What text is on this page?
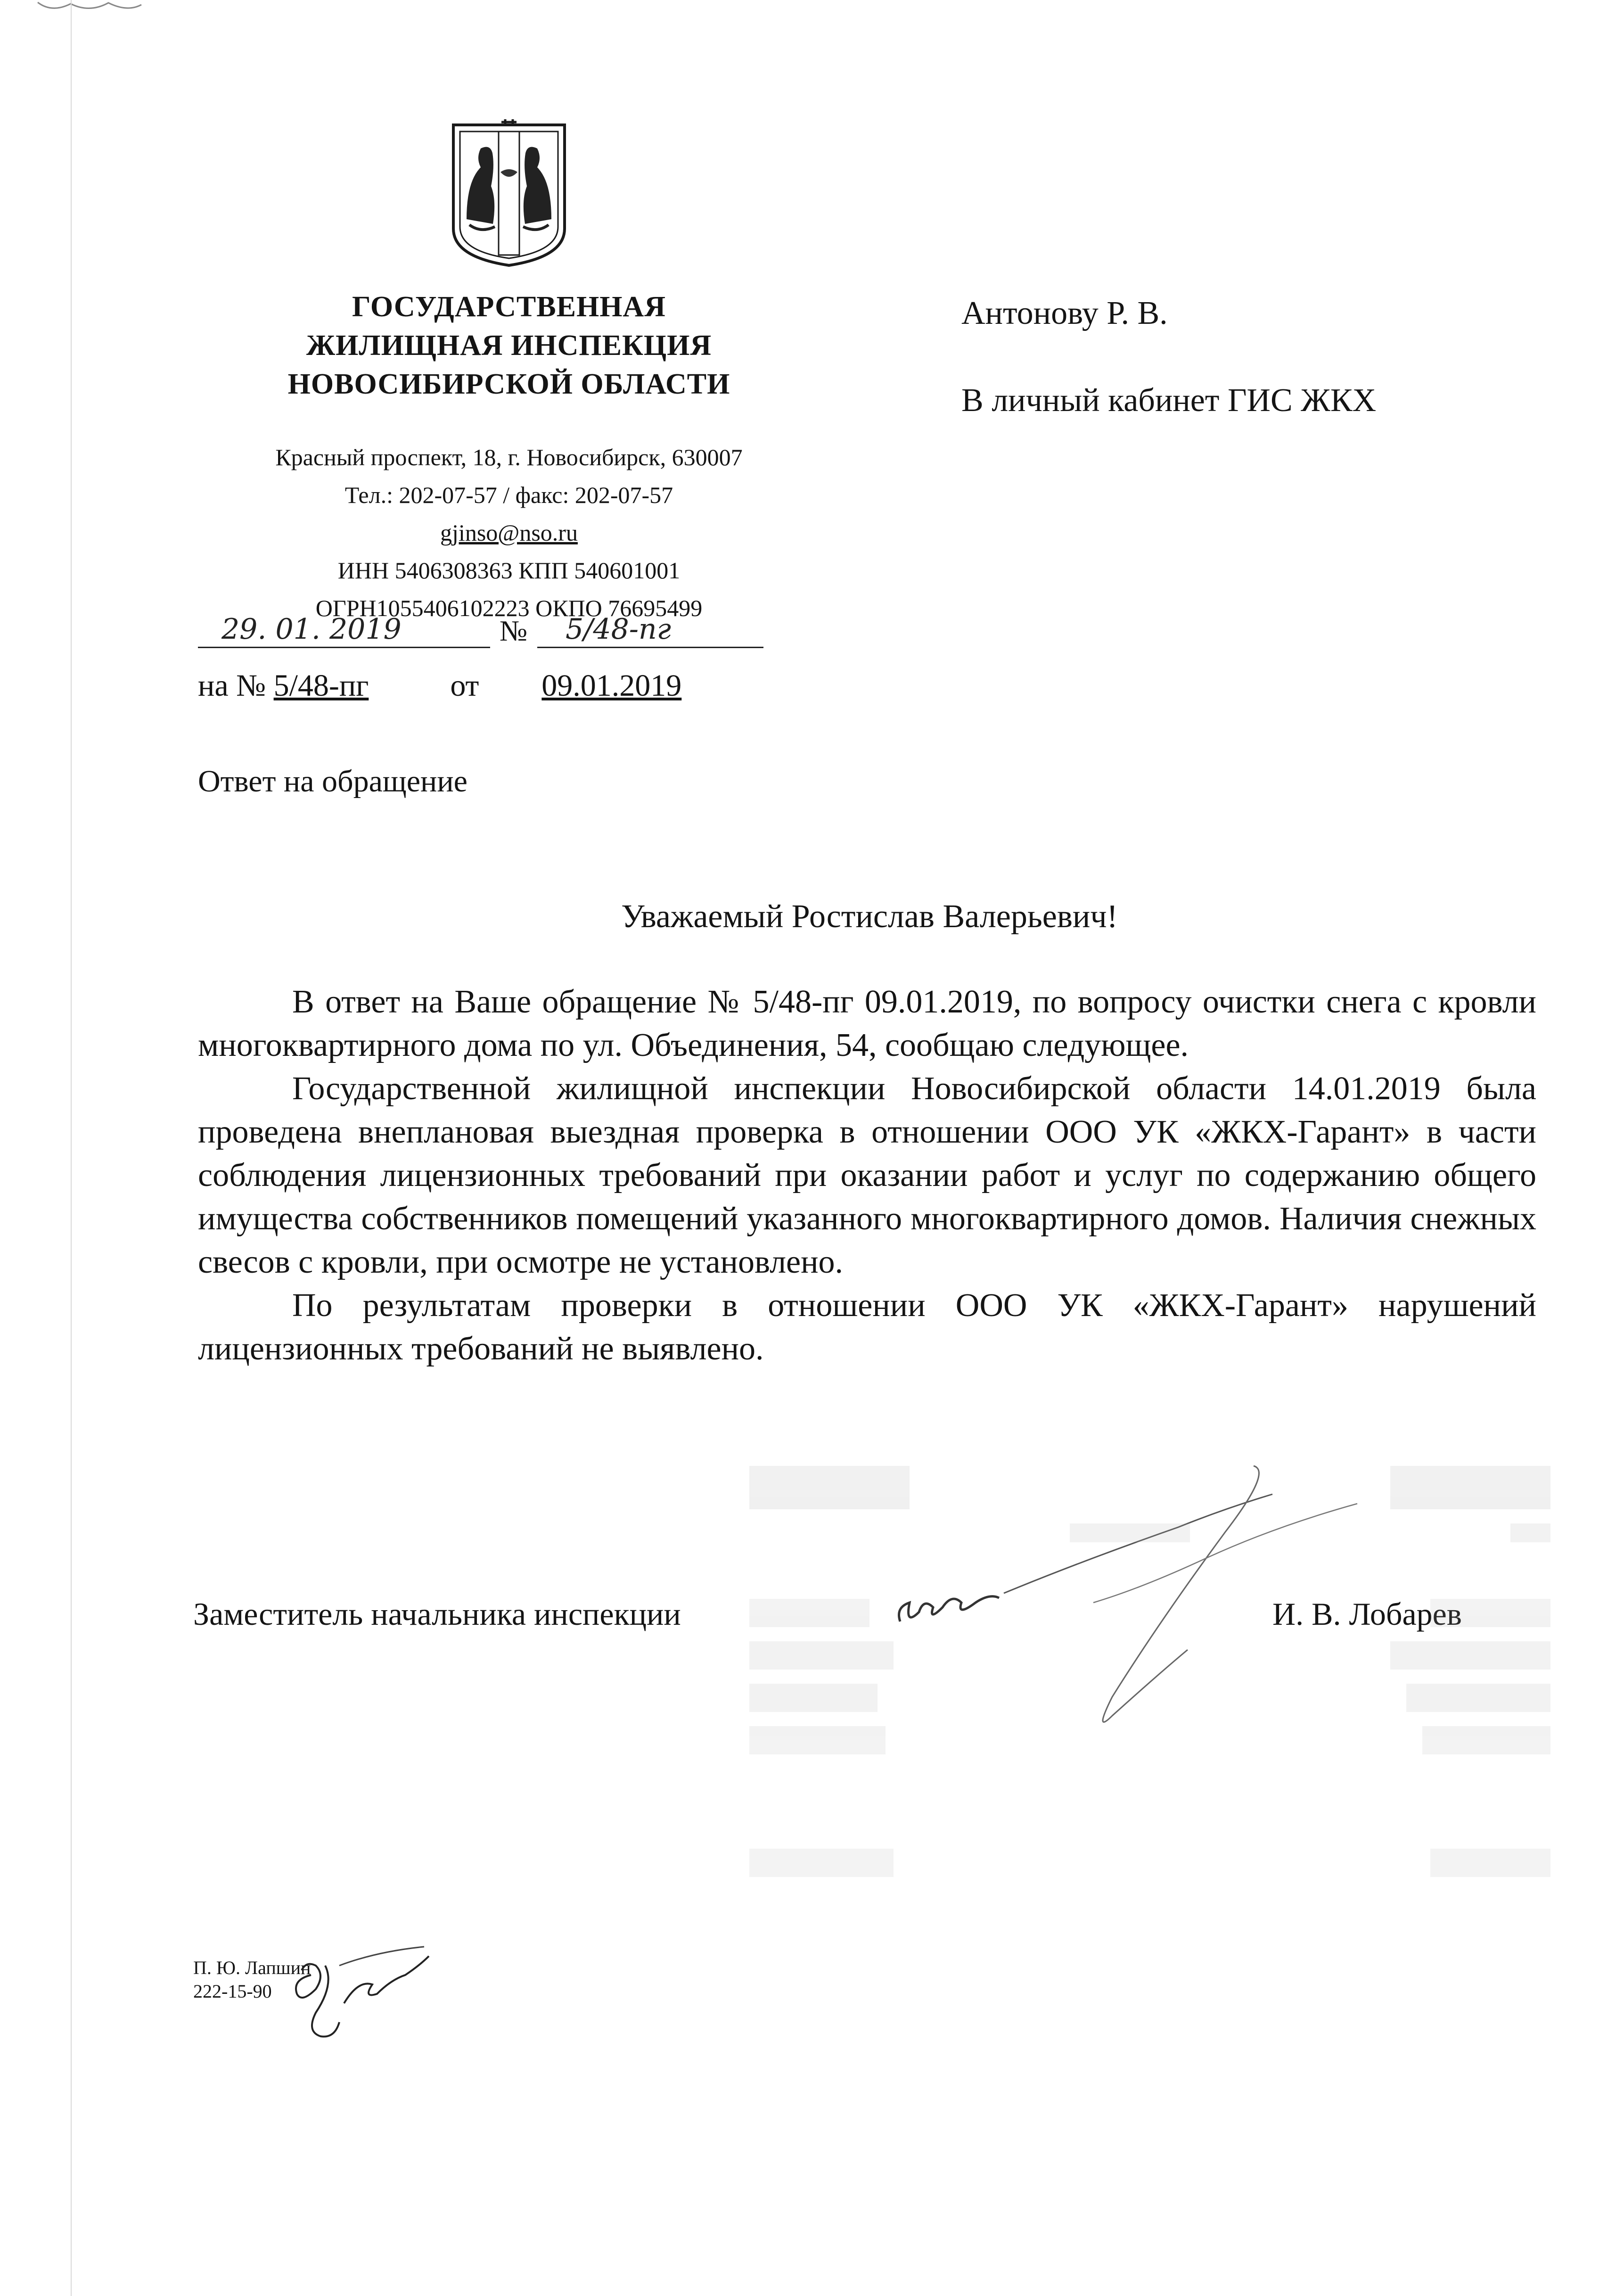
ГОСУДАРСТВЕННАЯ
ЖИЛИЩНАЯ ИНСПЕКЦИЯ
НОВОСИБИРСКОЙ ОБЛАСТИ
Красный проспект, 18, г. Новосибирск, 630007
Тел.: 202-07-57 / факс: 202-07-57
gjinso@nso.ru
ИНН 5406308363 КПП 540601001
ОГРН1055406102223 ОКПО 76695499
29. 01. 2019	№ 5/48-пг
на № 5/48-пг	от 09.01.2019
Ответ на обращение
Антонову Р. В.
В личный кабинет ГИС ЖКХ
Уважаемый Ростислав Валерьевич!

В ответ на Ваше обращение № 5/48-пг 09.01.2019, по вопросу очистки снега с кровли многоквартирного дома по ул. Объединения, 54, сообщаю следующее.

Государственной жилищной инспекции Новосибирской области 14.01.2019 была проведена внеплановая выездная проверка в отношении ООО УК «ЖКХ-Гарант» в части соблюдения лицензионных требований при оказании работ и услуг по содержанию общего имущества собственников помещений указанного многоквартирного домов. Наличия снежных свесов с кровли, при осмотре не установлено.

По результатам проверки в отношении ООО УК «ЖКХ-Гарант» нарушений лицензионных требований не выявлено.

Заместитель начальника инспекции	И. В. Лобарев
П. Ю. Лапшин
222-15-90
